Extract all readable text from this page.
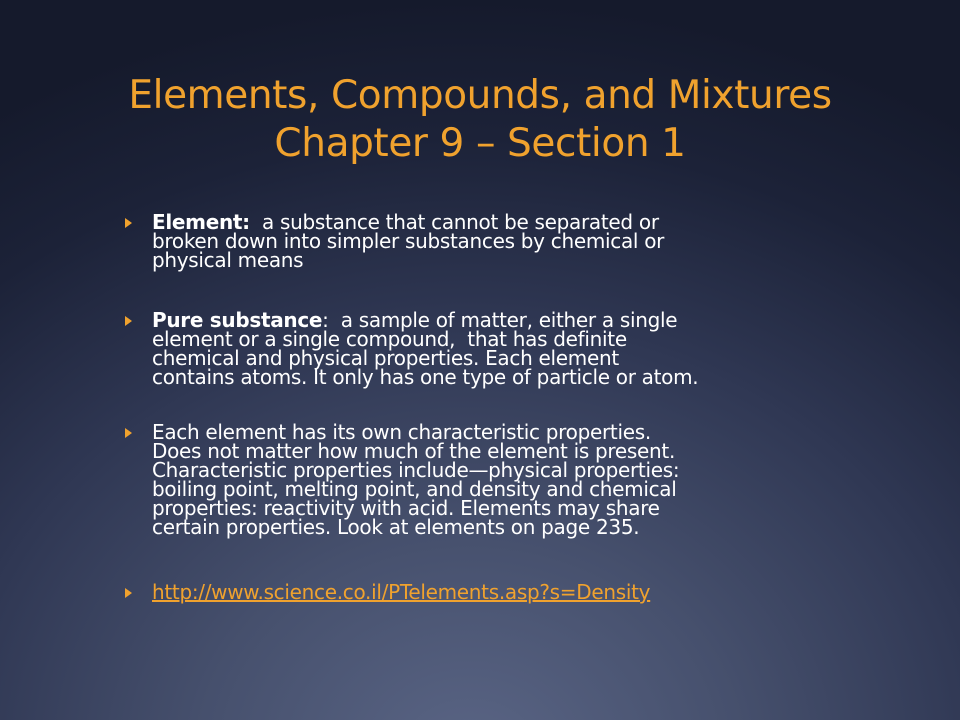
Elements, Compounds, and Mixtures
Chapter 9 – Section 1
Element:  a substance that cannot be separated or
broken down into simpler substances by chemical or
physical means
Pure substance:  a sample of matter, either a single
element or a single compound,  that has definite
chemical and physical properties. Each element
contains atoms. It only has one type of particle or atom.
Each element has its own characteristic properties.
Does not matter how much of the element is present.
Characteristic properties include—physical properties:
boiling point, melting point, and density and chemical
properties: reactivity with acid. Elements may share
certain properties. Look at elements on page 235.
http://www.science.co.il/PTelements.asp?s=Density
